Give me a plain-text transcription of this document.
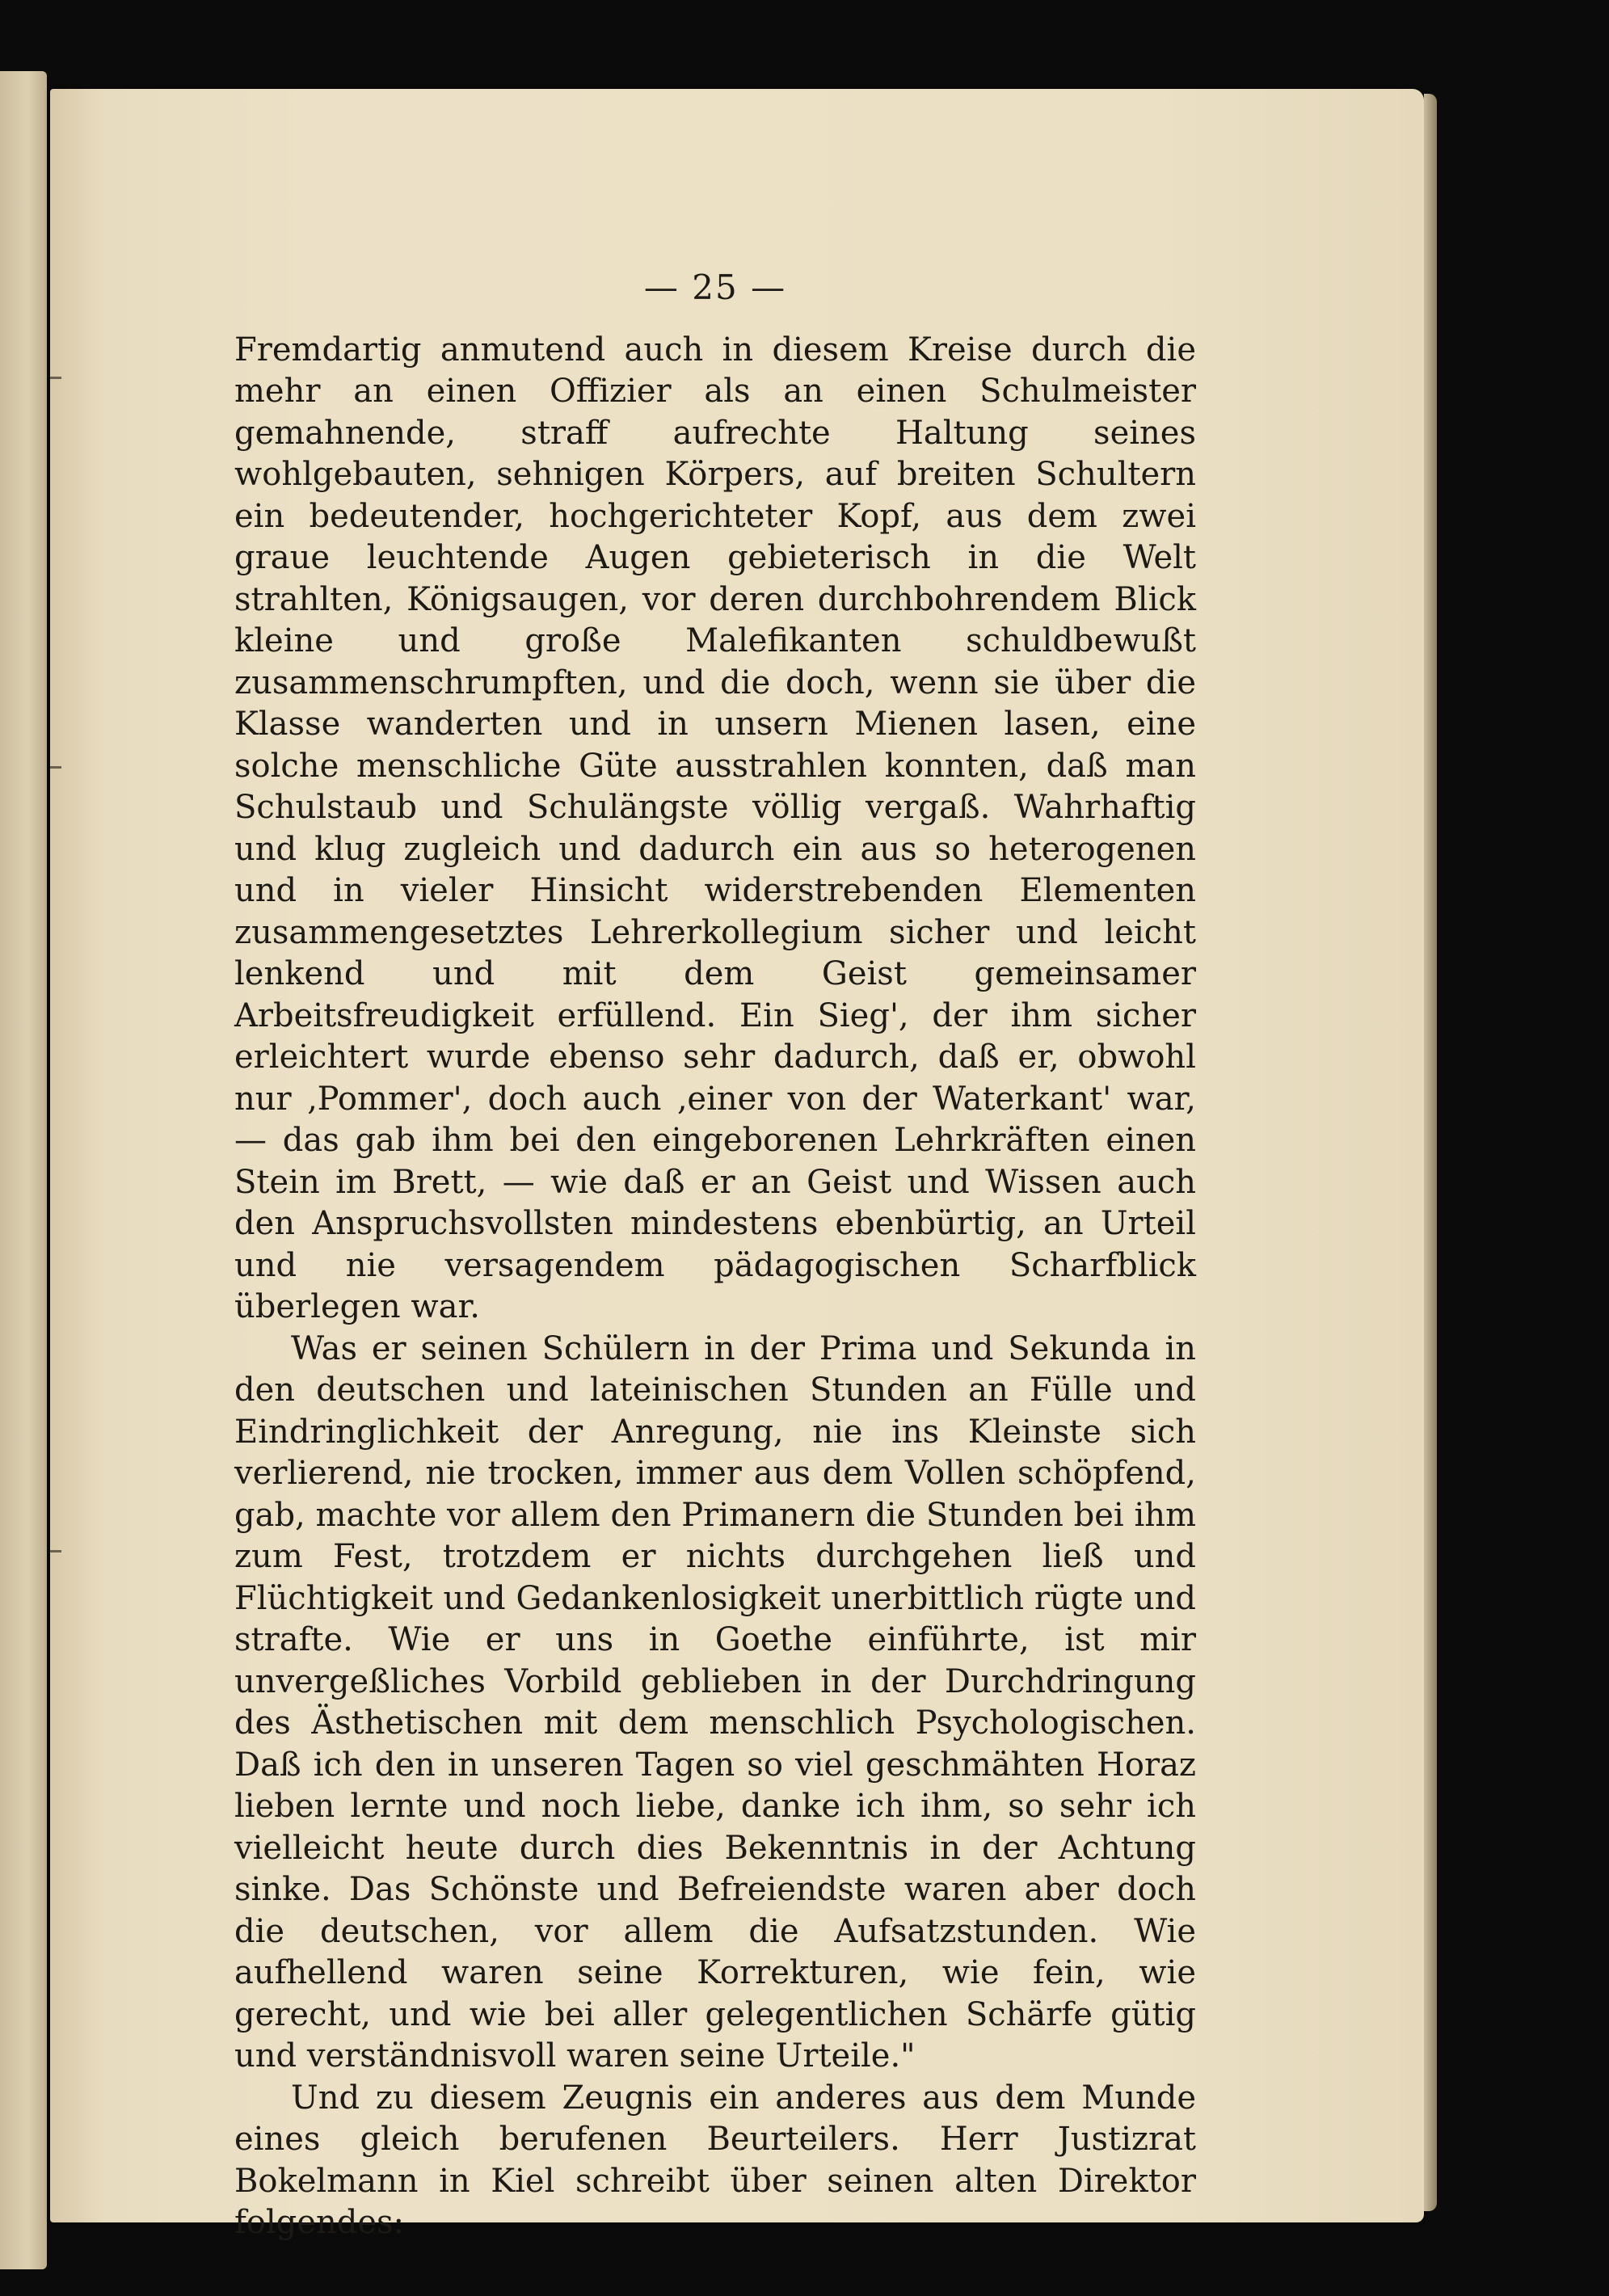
— 25 —

Fremdartig anmutend auch in diesem Kreise durch die mehr an einen Offizier als an einen Schulmeister gemahnende, straff aufrechte Haltung seines wohlgebauten, sehnigen Körpers, auf breiten Schultern ein bedeutender, hochgerichteter Kopf, aus dem zwei graue leuchtende Augen gebieterisch in die Welt strahlten, Königsaugen, vor deren durchbohrendem Blick kleine und große Malefikanten schuldbewußt zusammenschrumpften, und die doch, wenn sie über die Klasse wanderten und in unsern Mienen lasen, eine solche menschliche Güte ausstrahlen konnten, daß man Schulstaub und Schulängste völlig vergaß. Wahrhaftig und klug zugleich und dadurch ein aus so heterogenen und in vieler Hinsicht widerstrebenden Elementen zusammengesetztes Lehrerkollegium sicher und leicht lenkend und mit dem Geist gemeinsamer Arbeitsfreudigkeit erfüllend. Ein Sieg', der ihm sicher erleichtert wurde ebenso sehr dadurch, daß er, obwohl nur ‚Pommer', doch auch ‚einer von der Waterkant' war, — das gab ihm bei den eingeborenen Lehrkräften einen Stein im Brett, — wie daß er an Geist und Wissen auch den Anspruchsvollsten mindestens ebenbürtig, an Urteil und nie versagendem pädagogischen Scharfblick überlegen war.

Was er seinen Schülern in der Prima und Sekunda in den deutschen und lateinischen Stunden an Fülle und Eindringlichkeit der Anregung, nie ins Kleinste sich verlierend, nie trocken, immer aus dem Vollen schöpfend, gab, machte vor allem den Primanern die Stunden bei ihm zum Fest, trotzdem er nichts durchgehen ließ und Flüchtigkeit und Gedankenlosigkeit unerbittlich rügte und strafte. Wie er uns in Goethe einführte, ist mir unvergeßliches Vorbild geblieben in der Durchdringung des Ästhetischen mit dem menschlich Psychologischen. Daß ich den in unseren Tagen so viel geschmähten Horaz lieben lernte und noch liebe, danke ich ihm, so sehr ich vielleicht heute durch dies Bekenntnis in der Achtung sinke. Das Schönste und Befreiendste waren aber doch die deutschen, vor allem die Aufsatzstunden. Wie aufhellend waren seine Korrekturen, wie fein, wie gerecht, und wie bei aller gelegentlichen Schärfe gütig und verständnisvoll waren seine Urteile."

Und zu diesem Zeugnis ein anderes aus dem Munde eines gleich berufenen Beurteilers. Herr Justizrat Bokelmann in Kiel schreibt über seinen alten Direktor folgendes:
